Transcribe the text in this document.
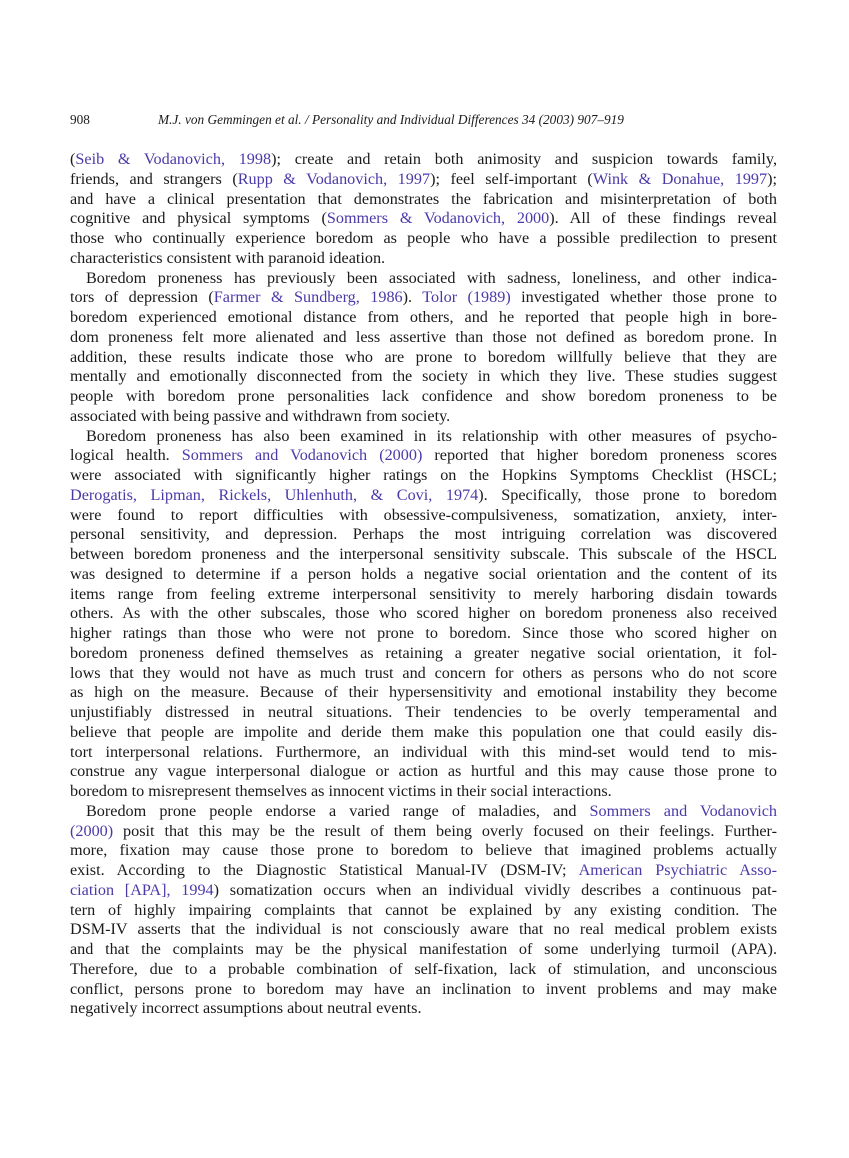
908	M.J. von Gemmingen et al. / Personality and Individual Differences 34 (2003) 907–919

(Seib & Vodanovich, 1998); create and retain both animosity and suspicion towards family,
friends, and strangers (Rupp & Vodanovich, 1997); feel self-important (Wink & Donahue, 1997);
and have a clinical presentation that demonstrates the fabrication and misinterpretation of both
cognitive and physical symptoms (Sommers & Vodanovich, 2000). All of these findings reveal
those who continually experience boredom as people who have a possible predilection to present
characteristics consistent with paranoid ideation.

Boredom proneness has previously been associated with sadness, loneliness, and other indica-
tors of depression (Farmer & Sundberg, 1986). Tolor (1989) investigated whether those prone to
boredom experienced emotional distance from others, and he reported that people high in bore-
dom proneness felt more alienated and less assertive than those not defined as boredom prone. In
addition, these results indicate those who are prone to boredom willfully believe that they are
mentally and emotionally disconnected from the society in which they live. These studies suggest
people with boredom prone personalities lack confidence and show boredom proneness to be
associated with being passive and withdrawn from society.

Boredom proneness has also been examined in its relationship with other measures of psycho-
logical health. Sommers and Vodanovich (2000) reported that higher boredom proneness scores
were associated with significantly higher ratings on the Hopkins Symptoms Checklist (HSCL;
Derogatis, Lipman, Rickels, Uhlenhuth, & Covi, 1974). Specifically, those prone to boredom
were found to report difficulties with obsessive-compulsiveness, somatization, anxiety, inter-
personal sensitivity, and depression. Perhaps the most intriguing correlation was discovered
between boredom proneness and the interpersonal sensitivity subscale. This subscale of the HSCL
was designed to determine if a person holds a negative social orientation and the content of its
items range from feeling extreme interpersonal sensitivity to merely harboring disdain towards
others. As with the other subscales, those who scored higher on boredom proneness also received
higher ratings than those who were not prone to boredom. Since those who scored higher on
boredom proneness defined themselves as retaining a greater negative social orientation, it fol-
lows that they would not have as much trust and concern for others as persons who do not score
as high on the measure. Because of their hypersensitivity and emotional instability they become
unjustifiably distressed in neutral situations. Their tendencies to be overly temperamental and
believe that people are impolite and deride them make this population one that could easily dis-
tort interpersonal relations. Furthermore, an individual with this mind-set would tend to mis-
construe any vague interpersonal dialogue or action as hurtful and this may cause those prone to
boredom to misrepresent themselves as innocent victims in their social interactions.

Boredom prone people endorse a varied range of maladies, and Sommers and Vodanovich
(2000) posit that this may be the result of them being overly focused on their feelings. Further-
more, fixation may cause those prone to boredom to believe that imagined problems actually
exist. According to the Diagnostic Statistical Manual-IV (DSM-IV; American Psychiatric Asso-
ciation [APA], 1994) somatization occurs when an individual vividly describes a continuous pat-
tern of highly impairing complaints that cannot be explained by any existing condition. The
DSM-IV asserts that the individual is not consciously aware that no real medical problem exists
and that the complaints may be the physical manifestation of some underlying turmoil (APA).
Therefore, due to a probable combination of self-fixation, lack of stimulation, and unconscious
conflict, persons prone to boredom may have an inclination to invent problems and may make
negatively incorrect assumptions about neutral events.
